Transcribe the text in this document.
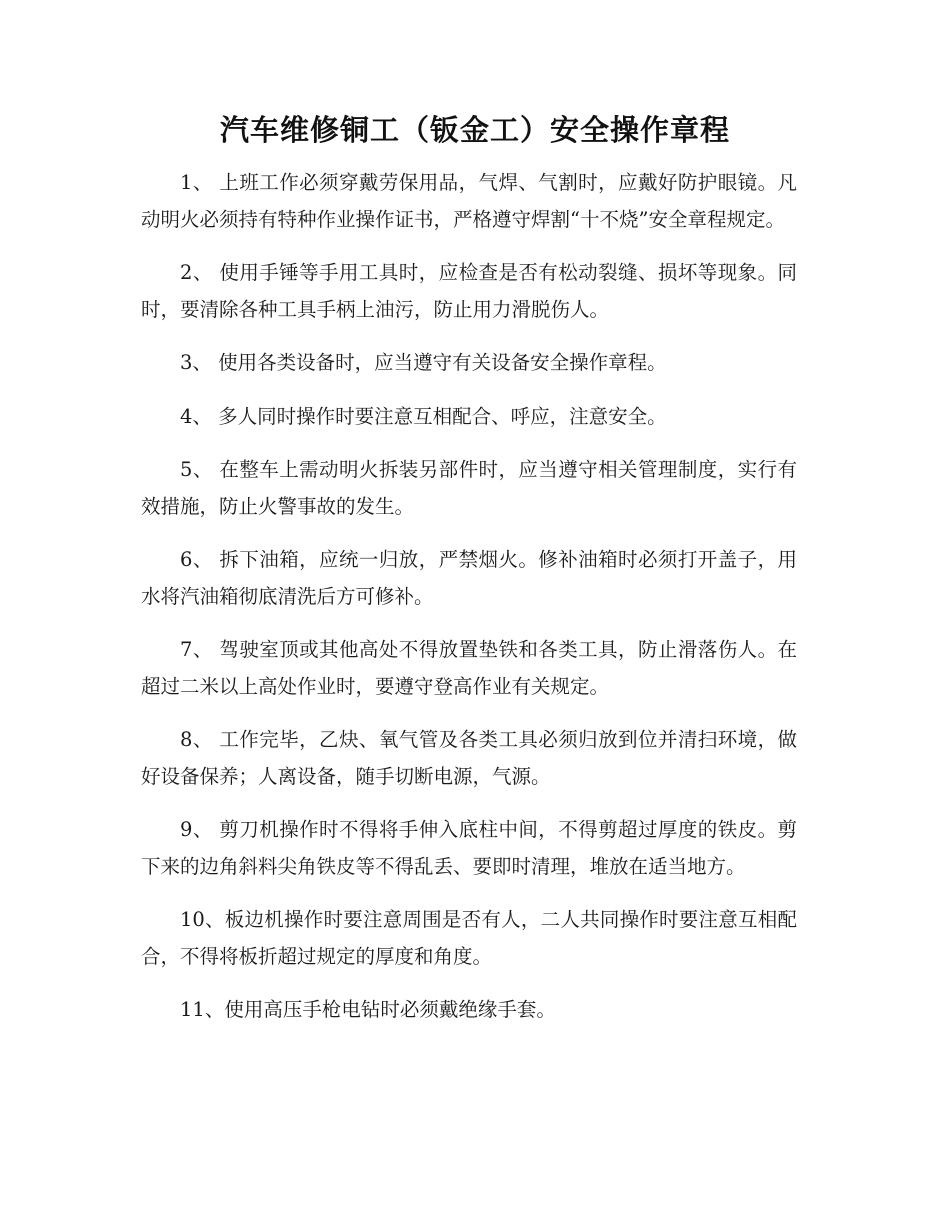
汽车维修铜工（钣金工）安全操作章程

1、 上班工作必须穿戴劳保用品，气焊、气割时，应戴好防护眼镜。凡动明火必须持有特种作业操作证书，严格遵守焊割“十不烧”安全章程规定。

2、 使用手锤等手用工具时，应检查是否有松动裂缝、损坏等现象。同时，要清除各种工具手柄上油污，防止用力滑脱伤人。

3、 使用各类设备时，应当遵守有关设备安全操作章程。

4、 多人同时操作时要注意互相配合、呼应，注意安全。

5、 在整车上需动明火拆装另部件时，应当遵守相关管理制度，实行有效措施，防止火警事故的发生。

6、 拆下油箱，应统一归放，严禁烟火。修补油箱时必须打开盖子，用水将汽油箱彻底清洗后方可修补。

7、 驾驶室顶或其他高处不得放置垫铁和各类工具，防止滑落伤人。在超过二米以上高处作业时，要遵守登高作业有关规定。

8、 工作完毕，乙炔、氧气管及各类工具必须归放到位并清扫环境，做好设备保养；人离设备，随手切断电源，气源。

9、 剪刀机操作时不得将手伸入底柱中间，不得剪超过厚度的铁皮。剪下来的边角斜料尖角铁皮等不得乱丢、要即时清理，堆放在适当地方。

10、板边机操作时要注意周围是否有人，二人共同操作时要注意互相配合，不得将板折超过规定的厚度和角度。

11、使用高压手枪电钻时必须戴绝缘手套。
